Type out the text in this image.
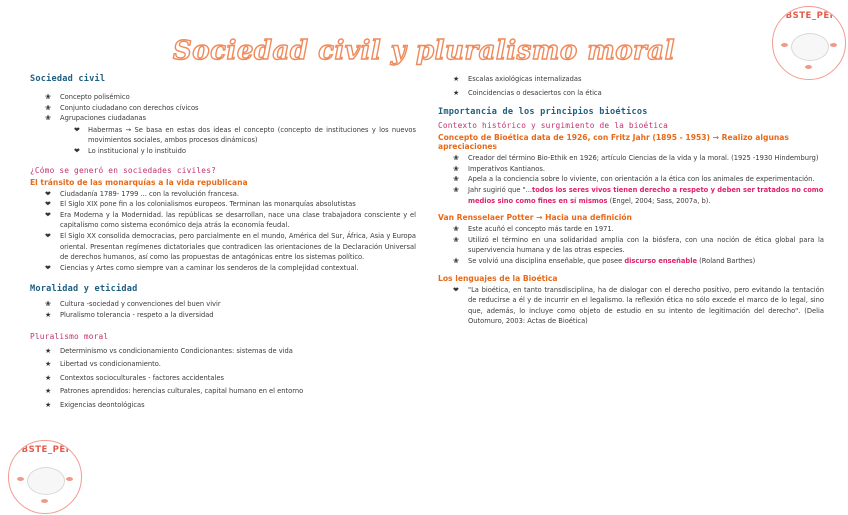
Sociedad civil y pluralismo moral
OBSTE_PEPI
OBSTE_PEPI
Sociedad civil
❀ Concepto polisémico
❀ Conjunto ciudadano con derechos cívicos
❀ Agrupaciones ciudadanas
❤ Habermas → Se basa en estas dos ideas el concepto (concepto de instituciones y los nuevos movimientos sociales, ambos procesos dinámicos)
❤ Lo institucional y lo instituido
¿Cómo se generó en sociedades civiles?
El tránsito de las monarquías a la vida republicana
❤ Ciudadanía 1789- 1799 ... con la revolución francesa.
❤ El Siglo XIX pone fin a los colonialismos europeos. Terminan las monarquías absolutistas
❤ Era Moderna y la Modernidad. las repúblicas se desarrollan, nace una clase trabajadora consciente y el capitalismo como sistema económico deja atrás la economía feudal.
❤ El Siglo XX consolida democracias, pero parcialmente en el mundo, América del Sur, África, Asia y Europa oriental. Presentan regímenes dictatoriales que contradicen las orientaciones de la Declaración Universal de derechos humanos, así como las propuestas de antagónicas entre los sistemas político.
❤ Ciencias y Artes como siempre van a caminar los senderos de la complejidad contextual.
Moralidad y eticidad
❀ Cultura -sociedad y convenciones del buen vivir
★ Pluralismo tolerancia - respeto a la diversidad
Pluralismo moral
★ Determinismo vs condicionamiento Condicionantes: sistemas de vida
★ Libertad vs condicionamiento.
★ Contextos socioculturales - factores accidentales
★ Patrones aprendidos: herencias culturales, capital humano en el entorno
★ Exigencias deontológicas
★ Escalas axiológicas internalizadas
★ Coincidencias o desaciertos con la ética
Importancia de los principios bioéticos
Contexto histórico y surgimiento de la bioética
Concepto de Bioética data de 1926, con Fritz Jahr (1895 - 1953) → Realizo algunas apreciaciones
❀ Creador del término Bio-Ethik en 1926; artículo Ciencias de la vida y la moral. (1925 -1930 Hindemburg)
❀ Imperativos Kantianos.
❀ Apela a la conciencia sobre lo viviente, con orientación a la ética con los animales de experimentación.
❀ Jahr sugirió que "...todos los seres vivos tienen derecho a respeto y deben ser tratados no como medios sino como fines en sí mismos (Engel, 2004; Sass, 2007a, b).
Van Rensselaer Potter → Hacia una definición
❀ Este acuñó el concepto más tarde en 1971.
❀ Utilizó el término en una solidaridad amplia con la biósfera, con una noción de ética global para la supervivencia humana y de las otras especies.
❀ Se volvió una disciplina enseñable, que posee discurso enseñable (Roland Barthes)
Los lenguajes de la Bioética
❤ "La bioética, en tanto transdisciplina, ha de dialogar con el derecho positivo, pero evitando la tentación de reducirse a él y de incurrir en el legalismo. la reflexión ética no sólo excede el marco de lo legal, sino que, además, lo incluye como objeto de estudio en su intento de legitimación del derecho". (Delia Outomuro, 2003: Actas de Bioética)
